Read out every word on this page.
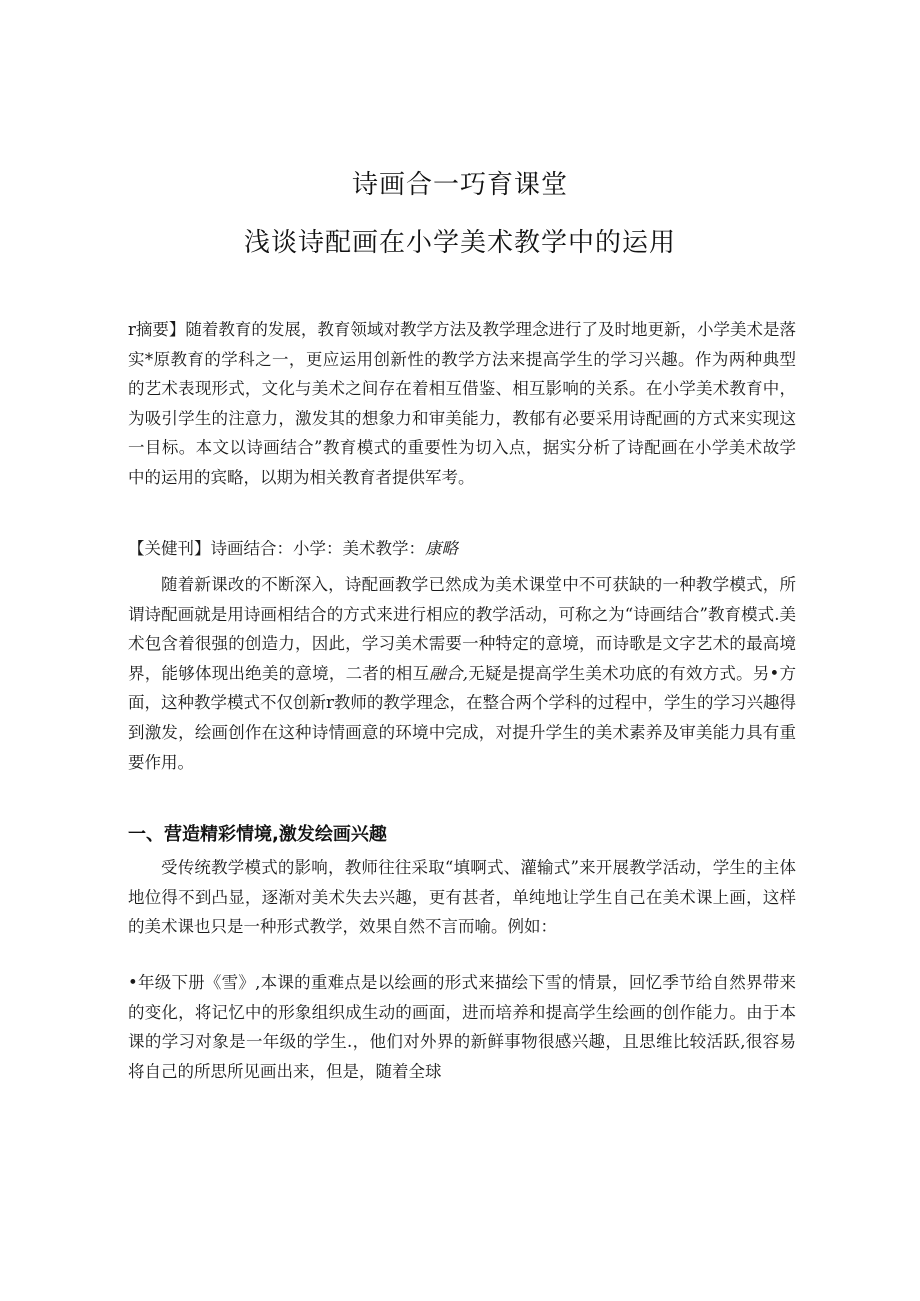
诗画合一巧育课堂
浅谈诗配画在小学美术教学中的运用

r摘要】随着教育的发展，教育领域对教学方法及教学理念进行了及时地更新，小学美术是落实*原教育的学科之一，更应运用创新性的教学方法来提高学生的学习兴趣。作为两种典型的艺术表现形式，文化与美术之间存在着相互借鉴、相互影响的关系。在小学美术教育中，为吸引学生的注意力，激发其的想象力和审美能力，教郁有必要采用诗配画的方式来实现这一目标。本文以诗画结合”教育模式的重要性为切入点，据实分析了诗配画在小学美术故学中的运用的宾略，以期为相关教育者提供军考。

【关健刊】诗画结合：小学：美术教学：康略

随着新课改的不断深入，诗配画教学已然成为美术课堂中不可获缺的一种教学模式，所谓诗配画就是用诗画相结合的方式来进行相应的教学活动，可称之为“诗画结合”教育模式.美术包含着很强的创造力，因此，学习美术需要一种特定的意境，而诗歌是文字艺术的最高境界，能够体现出绝美的意境，二者的相互融合,无疑是提高学生美术功底的有效方式。另•方面，这种教学模式不仅创新r教师的教学理念，在整合两个学科的过程中，学生的学习兴趣得到激发，绘画创作在这种诗情画意的环境中完成，对提升学生的美术素养及审美能力具有重要作用。

一、营造精彩情境,激发绘画兴趣

受传统教学模式的影响，教师往往采取“填啊式、灌输式”来开展教学活动，学生的主体地位得不到凸显，逐渐对美术失去兴趣，更有甚者，单纯地让学生自己在美术课上画，这样的美术课也只是一种形式教学，效果自然不言而喻。例如：

•年级下册《雪》,本课的重难点是以绘画的形式来描绘下雪的情景，回忆季节给自然界带来的变化，将记忆中的形象组织成生动的画面，进而培养和提高学生绘画的创作能力。由于本课的学习对象是一年级的学生.，他们对外界的新鲜事物很感兴趣，且思维比较活跃,很容易将自己的所思所见画出来，但是，随着全球
